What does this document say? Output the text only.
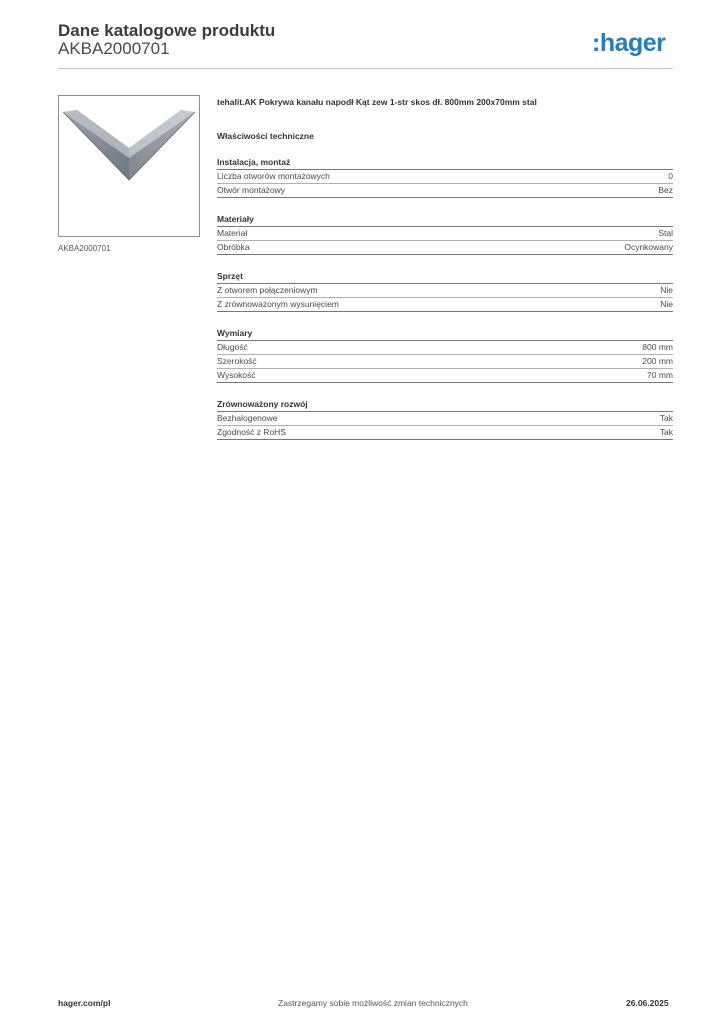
Dane katalogowe produktu
AKBA2000701	:hager
AKBA2000701
tehalit.AK Pokrywa kanału napodł Kąt zew 1-str skos dł. 800mm 200x70mm stal
Właściwości techniczne
Instalacja, montaż
Liczba otworów montażowych	0
Otwór montażowy	Bez
Materiały
Materiał	Stal
Obróbka	Ocynkowany
Sprzęt
Z otworem połączeniowym	Nie
Z zrównoważonym wysunięciem	Nie
Wymiary
Długość	800 mm
Szerokość	200 mm
Wysokość	70 mm
Zrównoważony rozwój
Bezhalogenowe	Tak
Zgodność z RoHS	Tak
hager.com/pl	Zastrzegamy sobie możliwość zmian technicznych	26.06.2025
